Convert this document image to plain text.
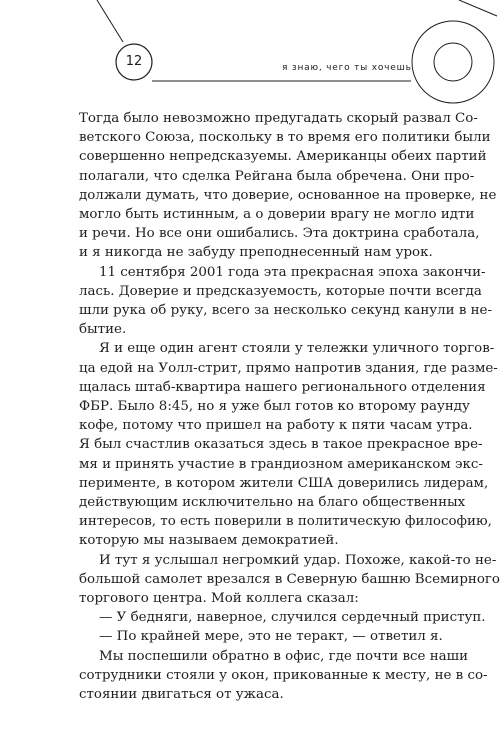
12	я знаю, чего ты хочешь
Тогда было невозможно предугадать скорый развал Со-
ветского Союза, поскольку в то время его политики были
совершенно непредсказуемы. Американцы обеих партий
полагали, что сделка Рейгана была обречена. Они про-
должали думать, что доверие, основанное на проверке, не
могло быть истинным, а о доверии врагу не могло идти
и речи. Но все они ошибались. Эта доктрина сработала,
и я никогда не забуду преподнесенный нам урок.
11 сентября 2001 года эта прекрасная эпоха закончи-
лась. Доверие и предсказуемость, которые почти всегда
шли рука об руку, всего за несколько секунд канули в не-
бытие.
Я и еще один агент стояли у тележки уличного торгов-
ца едой на Уолл-стрит, прямо напротив здания, где разме-
щалась штаб-квартира нашего регионального отделения
ФБР. Было 8:45, но я уже был готов ко второму раунду
кофе, потому что пришел на работу к пяти часам утра.
Я был счастлив оказаться здесь в такое прекрасное вре-
мя и принять участие в грандиозном американском экс-
перименте, в котором жители США доверились лидерам,
действующим исключительно на благо общественных
интересов, то есть поверили в политическую философию,
которую мы называем демократией.
И тут я услышал негромкий удар. Похоже, какой-то не-
большой самолет врезался в Северную башню Всемирного
торгового центра. Мой коллега сказал:
— У бедняги, наверное, случился сердечный приступ.
— По крайней мере, это не теракт, — ответил я.
Мы поспешили обратно в офис, где почти все наши
сотрудники стояли у окон, прикованные к месту, не в со-
стоянии двигаться от ужаса.
